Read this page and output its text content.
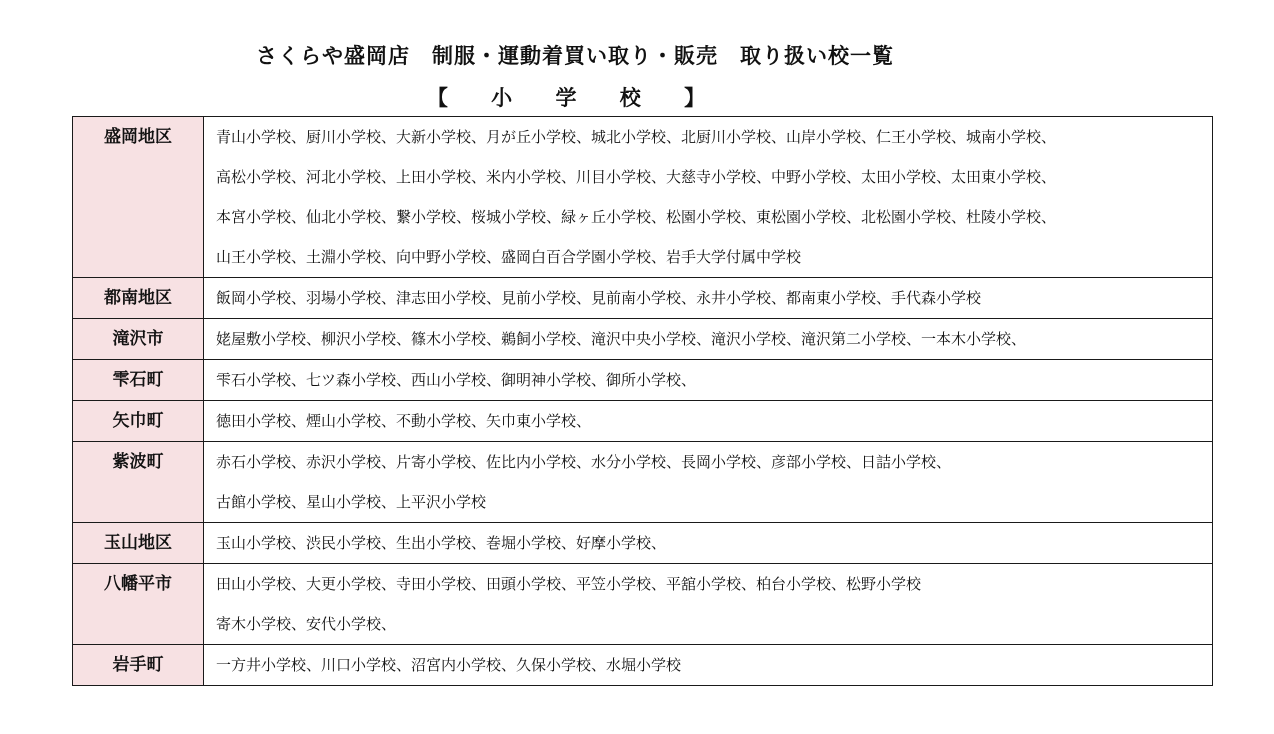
さくらや盛岡店　制服・運動着買い取り・販売　取り扱い校一覧
【 小 学 校 】
盛岡地区	青山小学校、厨川小学校、大新小学校、月が丘小学校、城北小学校、北厨川小学校、山岸小学校、仁王小学校、城南小学校、
高松小学校、河北小学校、上田小学校、米内小学校、川目小学校、大慈寺小学校、中野小学校、太田小学校、太田東小学校、
本宮小学校、仙北小学校、繋小学校、桜城小学校、緑ヶ丘小学校、松園小学校、東松園小学校、北松園小学校、杜陵小学校、
山王小学校、土淵小学校、向中野小学校、盛岡白百合学園小学校、岩手大学付属中学校

都南地区	飯岡小学校、羽場小学校、津志田小学校、見前小学校、見前南小学校、永井小学校、都南東小学校、手代森小学校

滝沢市	姥屋敷小学校、柳沢小学校、篠木小学校、鵜飼小学校、滝沢中央小学校、滝沢小学校、滝沢第二小学校、一本木小学校、

雫石町	雫石小学校、七ツ森小学校、西山小学校、御明神小学校、御所小学校、

矢巾町	徳田小学校、煙山小学校、不動小学校、矢巾東小学校、

紫波町	赤石小学校、赤沢小学校、片寄小学校、佐比内小学校、水分小学校、長岡小学校、彦部小学校、日詰小学校、
古館小学校、星山小学校、上平沢小学校

玉山地区	玉山小学校、渋民小学校、生出小学校、巻堀小学校、好摩小学校、

八幡平市	田山小学校、大更小学校、寺田小学校、田頭小学校、平笠小学校、平舘小学校、柏台小学校、松野小学校
寄木小学校、安代小学校、

岩手町	一方井小学校、川口小学校、沼宮内小学校、久保小学校、水堀小学校
